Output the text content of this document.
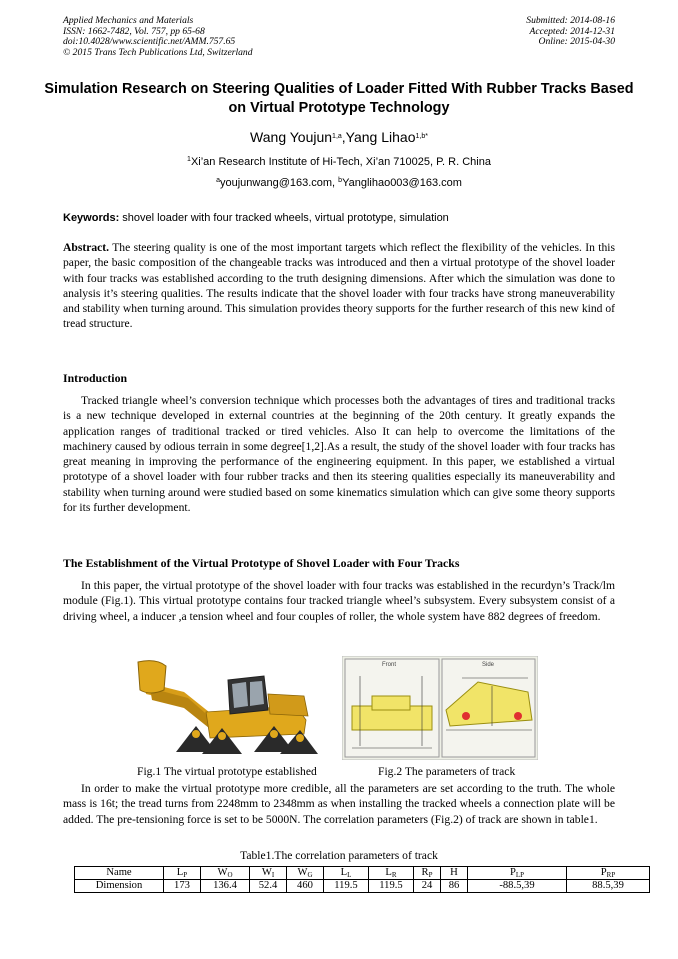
Applied Mechanics and Materials
ISSN: 1662-7482, Vol. 757, pp 65-68
doi:10.4028/www.scientific.net/AMM.757.65
© 2015 Trans Tech Publications Ltd, Switzerland
Submitted: 2014-08-16
Accepted: 2014-12-31
Online: 2015-04-30
Simulation Research on Steering Qualities of Loader Fitted With Rubber Tracks Based on Virtual Prototype Technology
Wang Youjun$^{1,a}$,Yang Lihao$^{1,b*}$
$^1$Xi’an Research Institute of Hi-Tech, Xi’an 710025, P. R. China
$^a$youjunwang@163.com, $^b$Yanglihao003@163.com
Keywords: shovel loader with four tracked wheels, virtual prototype, simulation
Abstract. The steering quality is one of the most important targets which reflect the flexibility of the vehicles. In this paper, the basic composition of the changeable tracks was introduced and then a virtual prototype of the shovel loader with four tracks was established according to the truth designing dimensions. After which the simulation was done to analysis it’s steering qualities. The results indicate that the shovel loader with four tracks have strong maneuverability and stability when turning around. This simulation provides theory supports for the further research of this new kind of tread structure.
Introduction
Tracked triangle wheel’s conversion technique which processes both the advantages of tires and traditional tracks is a new technique developed in external countries at the beginning of the 20th century. It greatly expands the application ranges of traditional tracked or tired vehicles. Also It can help to overcome the limitations of the machinery caused by odious terrain in some degree[1,2].As a result, the study of the shovel loader with four tracks has great meaning in improving the performance of the engineering equipment. In this paper, we established a virtual prototype of a shovel loader with four rubber tracks and then its steering qualities especially its maneuverability and stability when turning around were studied based on some kinematics simulation which can give some theory supports for its further development.
The Establishment of the Virtual Prototype of Shovel Loader with Four Tracks
In this paper, the virtual prototype of the shovel loader with four tracks was established in the recurdyn’s Track/lm module (Fig.1). This virtual prototype contains four tracked triangle wheel’s subsystem. Every subsystem consist of a driving wheel, a inducer ,a tension wheel and four couples of roller, the whole system have 882 degrees of freedom.
Front	Side
Fig.1 The virtual prototype established	Fig.2 The parameters of track
In order to make the virtual prototype more credible, all the parameters are set according to the truth. The whole mass is 16t; the tread turns from 2248mm to 2348mm as when installing the tracked wheels a connection plate will be added. The pre-tensioning force is set to be 5000N. The correlation parameters (Fig.2) of track are shown in table1.
Table1.The correlation parameters of track
Name	$L_P$	$W_O$	$W_I$	$W_G$	$L_L$	$L_R$	$R_P$	H	$P_{LP}$	$P_{RP}$
Dimension	173	136.4	52.4	460	119.5	119.5	24	86	-88.5,39	88.5,39
